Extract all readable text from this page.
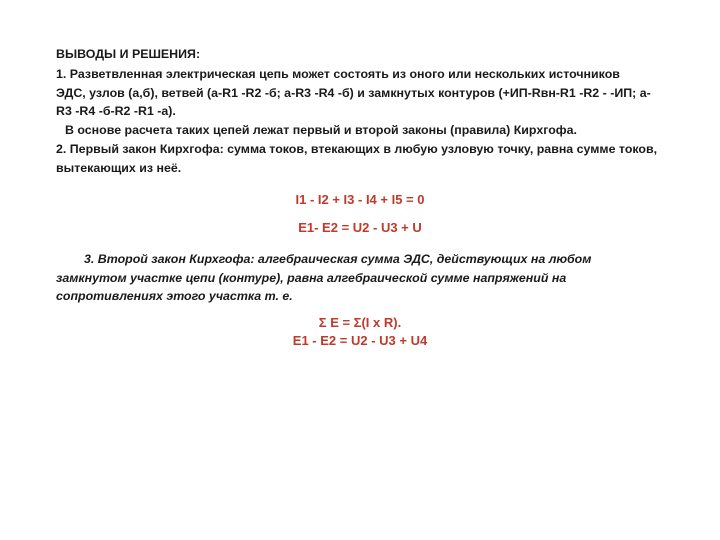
ВЫВОДЫ И РЕШЕНИЯ:
1. Разветвленная электрическая цепь может состоять из оного или нескольких источников
ЭДС, узлов (а,б), ветвей (а-R1 -R2 -б; а-R3 -R4 -б) и замкнутых контуров (+ИП-Rвн-R1 -R2 - -ИП; а-
R3 -R4 -б-R2 -R1 -а).
В основе расчета таких цепей лежат первый и второй законы (правила) Кирхгофа.
2. Первый закон Кирхгофа: сумма токов, втекающих в любую узловую точку, равна сумме токов, вытекающих из неё.
I1 - I2 + I3 - I4 + I5 = 0
E1- E2 = U2 - U3 + U
3. Второй закон Кирхгофа: алгебраическая сумма ЭДС, действующих на любом замкнутом участке цепи (контуре), равна алгебраической сумме напряжений на сопротивлениях этого участка т. е.
Σ E = Σ(I x R).
E1 - E2 = U2 - U3 + U4
